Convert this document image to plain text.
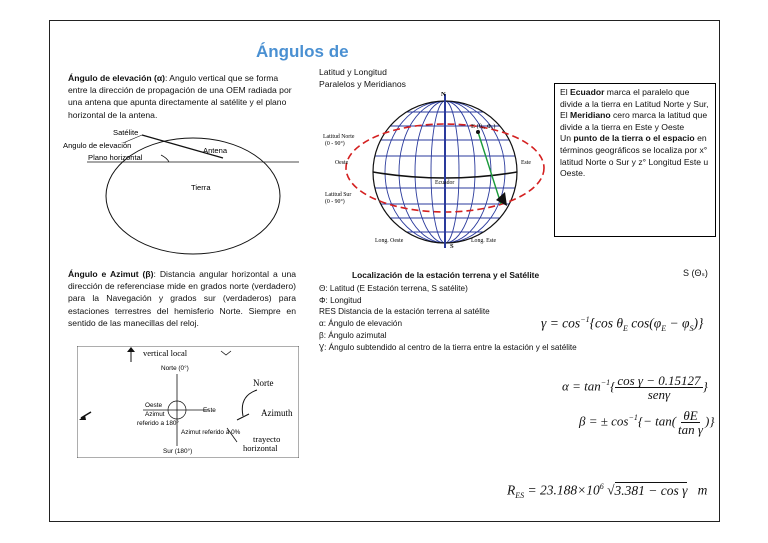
Ángulos de
Ángulo de elevación (α): Angulo vertical que se forma entre la dirección de propagación de una OEM radiada por una antena que apunta directamente al satélite y el plano horizontal de la antena.
Satélite
Angulo de elevación
Antena
Plano horizontal
Tierra
Latitud y Longitud
Paralelos y Meridianos
N
S
Latitud Norte
(0 - 90°)
Oeste	Este
Latitud Sur
(0 - 90°)
Ecuador
Long. Oeste	Long. Este
E (θₑ, Φₑ)
El Ecuador marca el paralelo que divide a la tierra en Latitud Norte y Sur,
El Meridiano cero marca la latitud que divide a la tierra en Este y Oeste
Un punto de la tierra o el espacio en términos geográficos se localiza por x° latitud Norte o Sur y z° Longitud Este u Oeste.
Ángulo e Azimut (β): Distancia angular horizontal a una dirección de referenciase mide en grados norte (verdadero) para la Navegación y grados sur (verdaderos) para estaciones terrestres del hemisferio Norte. Siempre en sentido de las manecillas del reloj.
vertical local
Norte (0°)
Oeste
Azimut
referido a 180°
Este
Azimut referido a 0%
Sur (180°)
Norte
Azimuth
trayecto
horizontal
Localización de la estación terrena y el Satélite	S (Θₛ)
Θ: Latitud (E Estación terrena, S satélite)
Φ: Longitud
RES Distancia de la estación terrena al satélite
α: Ángulo de elevación
β: Ángulo azimutal
Ɣ: Ángulo subtendido al centro de la tierra entre la estación y el satélite
$\gamma = \cos^{-1}\{\cos$ $\theta_E$ $\cos(\varphi_E - \varphi_S)$}
$\alpha = \tan^{-1}\{ \frac{\text{cos γ − 0.15127}}{\text{senγ}}$ }
β = ± $\cos^{-1}\{- \tan( \frac{\theta E}{\text{tan γ}}$ )}
$R_{ES} = 23.188\times 10^6$ √3.381 − cos γ m
